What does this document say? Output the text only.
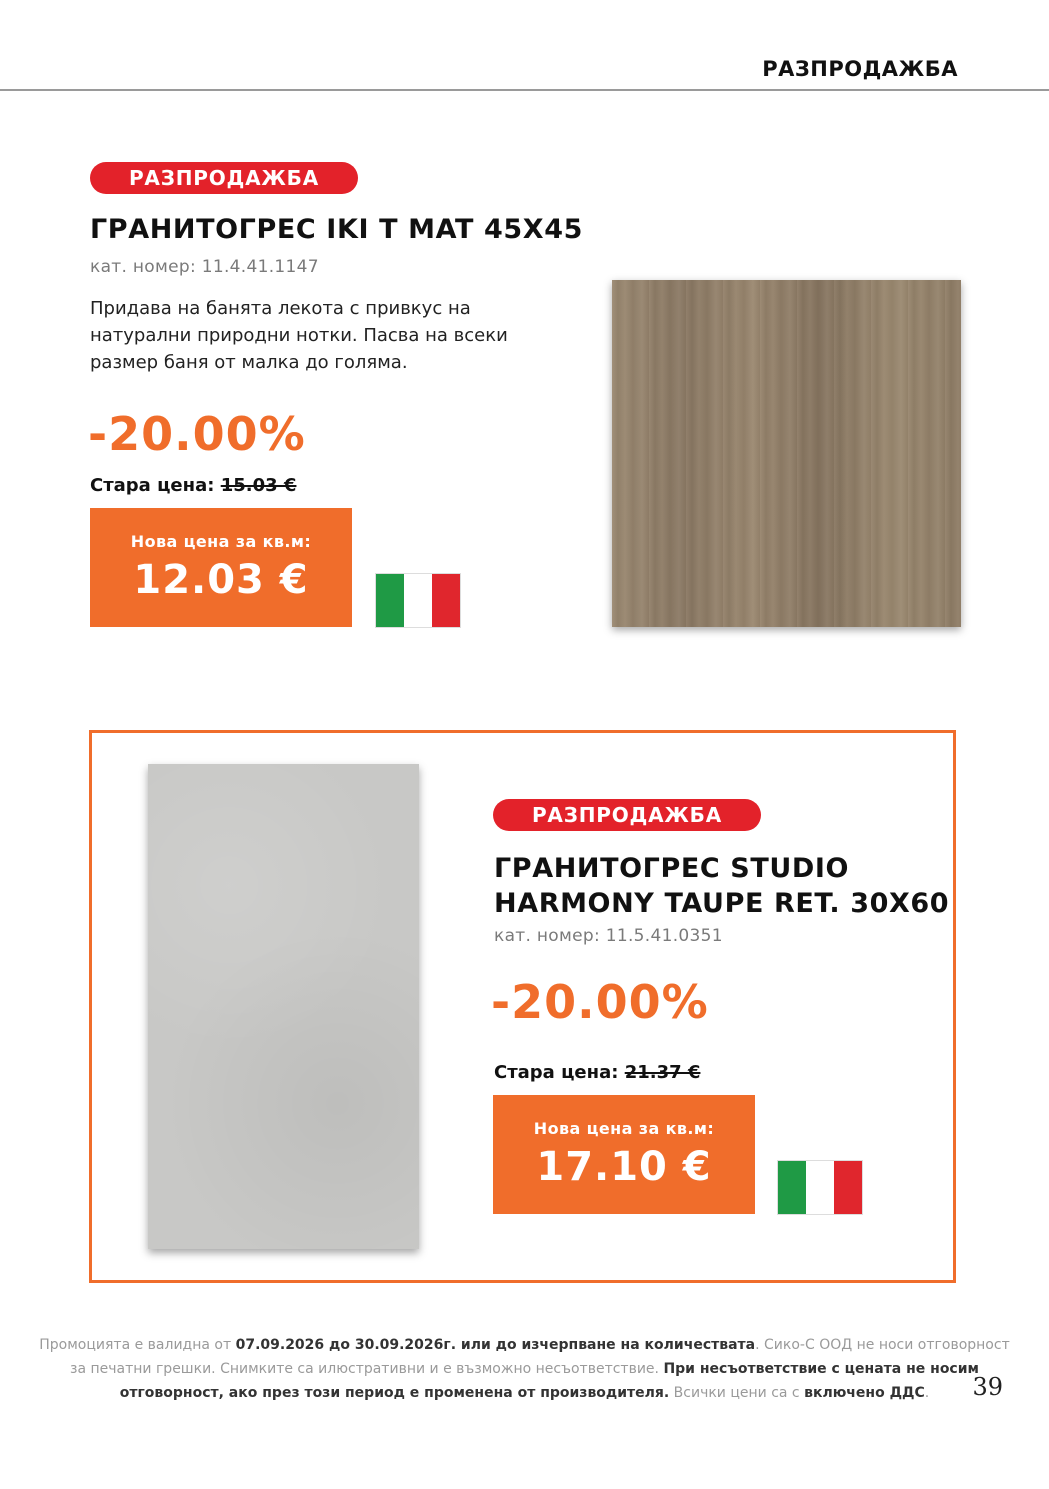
РАЗПРОДАЖБА
РАЗПРОДАЖБА
ГРАНИТОГРЕС IKI T MAT 45X45
кат. номер: 11.4.41.1147
Придава на банята лекота с привкус на натурални природни нотки. Пасва на всеки размер баня от малка до голяма.
-20.00%
Стара цена: 15.03 €
Нова цена за кв.м:
12.03 €
РАЗПРОДАЖБА
ГРАНИТОГРЕС STUDIO
HARMONY TAUPE RET. 30X60
кат. номер: 11.5.41.0351
-20.00%
Стара цена: 21.37 €
Нова цена за кв.м:
17.10 €
Промоцията е валидна от 07.09.2026 до 30.09.2026г. или до изчерпване на количествата. Сико-С ООД не носи отговорност за печатни грешки. Снимките са илюстративни и е възможно несъответствие. При несъответствие с цената не носим отговорност, ако през този период е променена от производителя. Всички цени са с включено ДДС.	39
